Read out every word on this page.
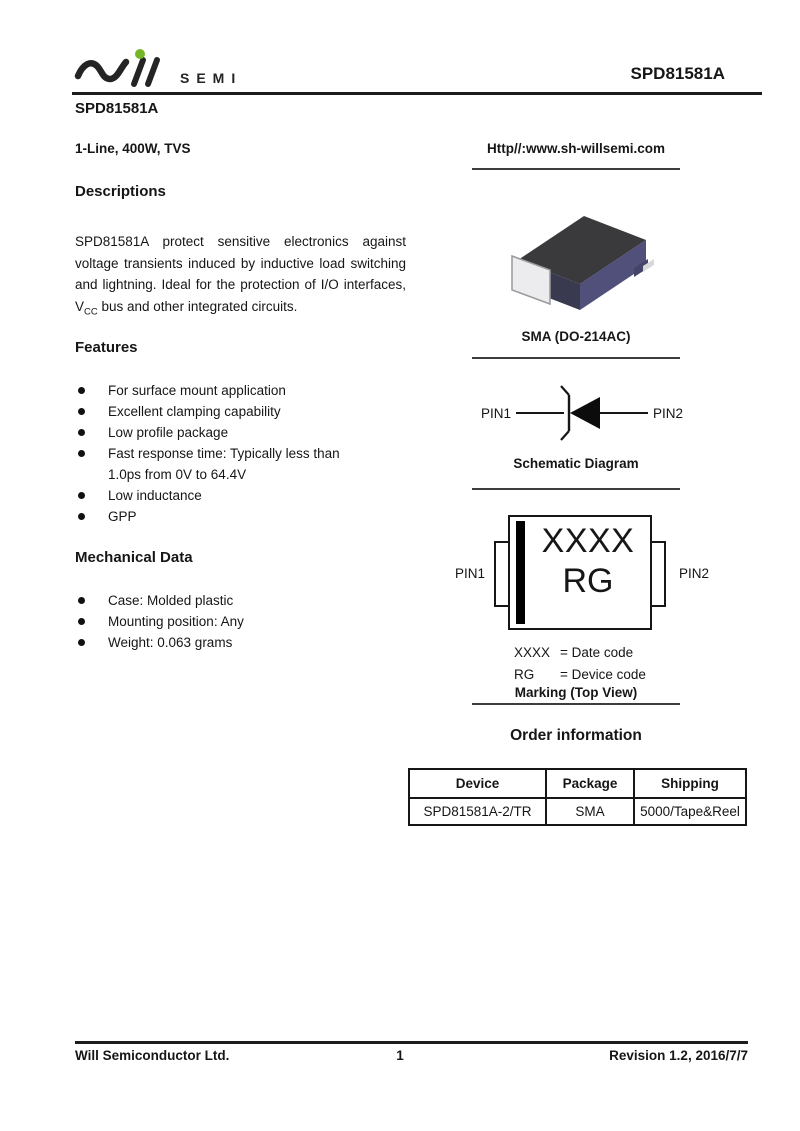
SEMI	SPD81581A
SPD81581A
1-Line, 400W, TVS
Descriptions

SPD81581A protect sensitive electronics against voltage transients induced by inductive load switching and lightning. Ideal for the protection of I/O interfaces, $V_{CC}$ bus and other integrated circuits.

Features
For surface mount application
Excellent clamping capability
Low profile package
Fast response time: Typically less than 1.0ps from 0V to 64.4V
Low inductance
GPP
Mechanical Data
Case: Molded plastic
Mounting position: Any
Weight: 0.063 grams
Http//:www.sh-willsemi.com
SMA (DO-214AC)
PIN1	PIN2
Schematic Diagram
PIN1	PIN2
XXXX
RG
XXXX = Date code
RG	= Device code
Marking (Top View)
Order information
Device	Package	Shipping
SPD81581A-2/TR	SMA	5000/Tape&Reel
Will Semiconductor Ltd.	1	Revision 1.2, 2016/7/7
